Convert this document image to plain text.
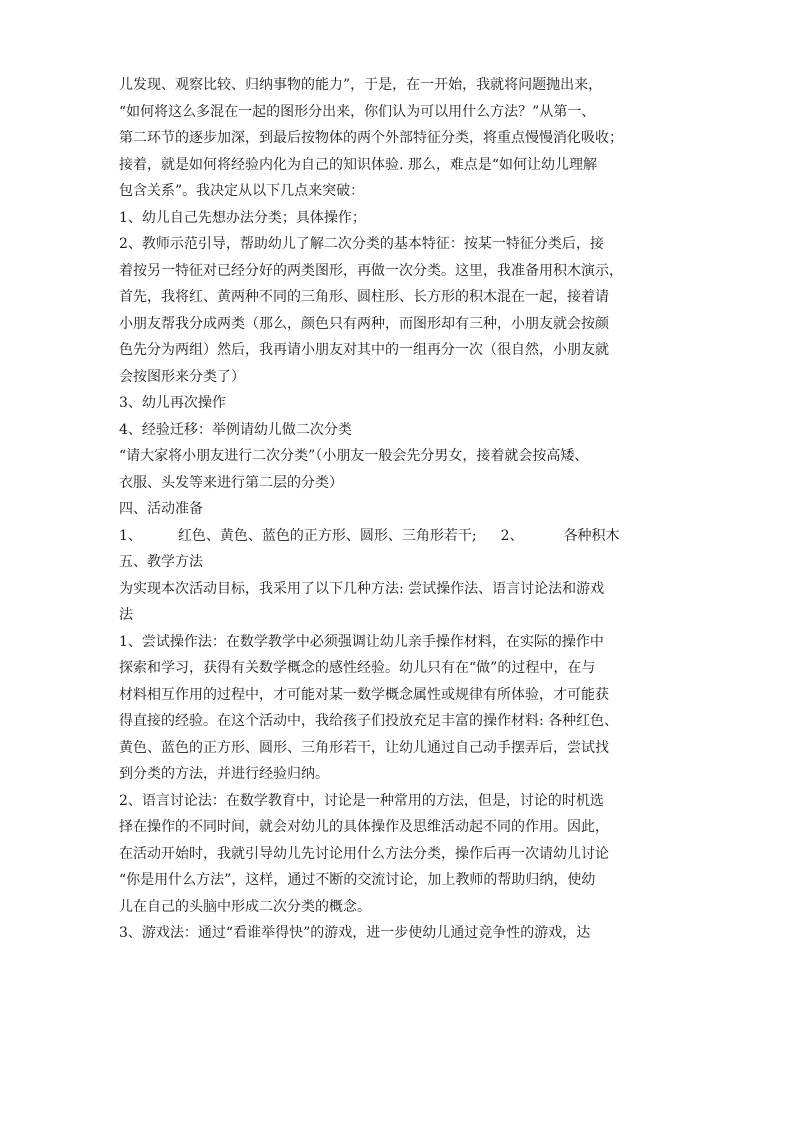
儿发现、观察比较、归纳事物的能力”，于是，在一开始，我就将问题抛出来，
“如何将这么多混在一起的图形分出来，你们认为可以用什么方法？”从第一、
第二环节的逐步加深，到最后按物体的两个外部特征分类，将重点慢慢消化吸收；
接着，就是如何将经验内化为自己的知识体验. 那么，难点是“如何让幼儿理解
包含关系”。我决定从以下几点来突破：
1、幼儿自己先想办法分类；具体操作；
2、教师示范引导，帮助幼儿了解二次分类的基本特征：按某一特征分类后，接
着按另一特征对已经分好的两类图形，再做一次分类。这里，我准备用积木演示，
首先，我将红、黄两种不同的三角形、圆柱形、长方形的积木混在一起，接着请
小朋友帮我分成两类（那么，颜色只有两种，而图形却有三种，小朋友就会按颜
色先分为两组）然后，我再请小朋友对其中的一组再分一次（很自然，小朋友就
会按图形来分类了）
3、幼儿再次操作
4、经验迁移：举例请幼儿做二次分类
“请大家将小朋友进行二次分类”（小朋友一般会先分男女，接着就会按高矮、
衣服、头发等来进行第二层的分类）
四、活动准备
1、	红色、黄色、蓝色的正方形、圆形、三角形若干; 2、	各种积木
五、教学方法
为实现本次活动目标，我采用了以下几种方法: 尝试操作法、语言讨论法和游戏
法
1、尝试操作法：在数学教学中必须强调让幼儿亲手操作材料，在实际的操作中
探索和学习，获得有关数学概念的感性经验。幼儿只有在“做”的过程中，在与
材料相互作用的过程中，才可能对某一数学概念属性或规律有所体验，才可能获
得直接的经验。在这个活动中，我给孩子们投放充足丰富的操作材料: 各种红色、
黄色、蓝色的正方形、圆形、三角形若干，让幼儿通过自己动手摆弄后，尝试找
到分类的方法，并进行经验归纳。
2、语言讨论法：在数学教育中，讨论是一种常用的方法，但是，讨论的时机选
择在操作的不同时间，就会对幼儿的具体操作及思维活动起不同的作用。因此，
在活动开始时，我就引导幼儿先讨论用什么方法分类，操作后再一次请幼儿讨论
“你是用什么方法”，这样，通过不断的交流讨论，加上教师的帮助归纳，使幼
儿在自己的头脑中形成二次分类的概念。
3、游戏法：通过“看谁举得快”的游戏，进一步使幼儿通过竞争性的游戏，达
